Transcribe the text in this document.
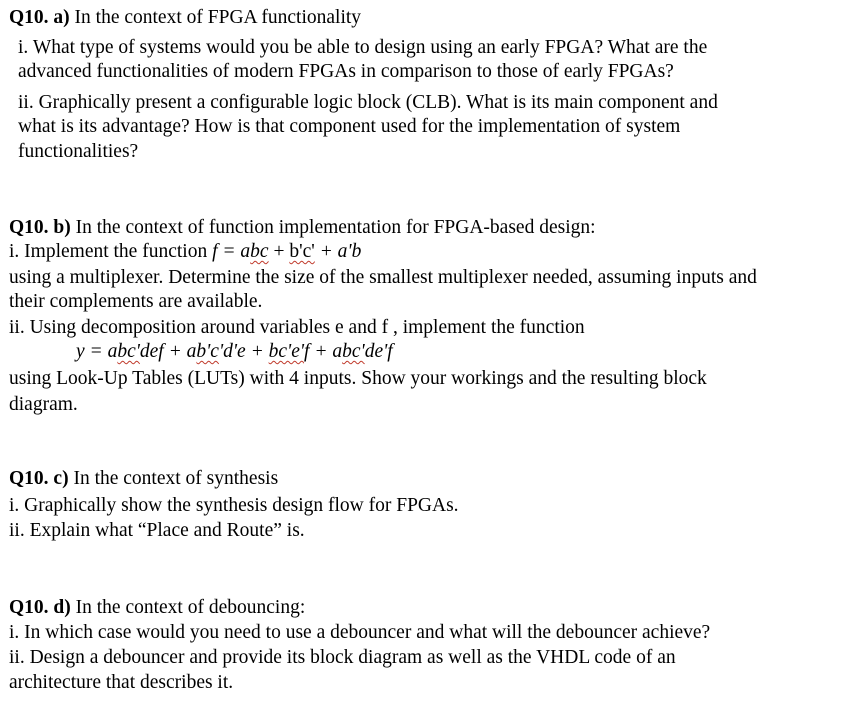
Q10. a) In the context of FPGA functionality
i. What type of systems would you be able to design using an early FPGA? What are the
advanced functionalities of modern FPGAs in comparison to those of early FPGAs?
ii. Graphically present a configurable logic block (CLB). What is its main component and
what is its advantage? How is that component used for the implementation of system
functionalities?
Q10. b) In the context of function implementation for FPGA-based design:
i. Implement the function f = abc + b'c' + a'b
using a multiplexer. Determine the size of the smallest multiplexer needed, assuming inputs and
their complements are available.
ii. Using decomposition around variables e and f , implement the function
y = abc'def + ab'c'd'e + bc'e'f + abc'de'f
using Look-Up Tables (LUTs) with 4 inputs. Show your workings and the resulting block
diagram.
Q10. c) In the context of synthesis
i. Graphically show the synthesis design flow for FPGAs.
ii. Explain what “Place and Route” is.
Q10. d) In the context of debouncing:
i. In which case would you need to use a debouncer and what will the debouncer achieve?
ii. Design a debouncer and provide its block diagram as well as the VHDL code of an
architecture that describes it.
